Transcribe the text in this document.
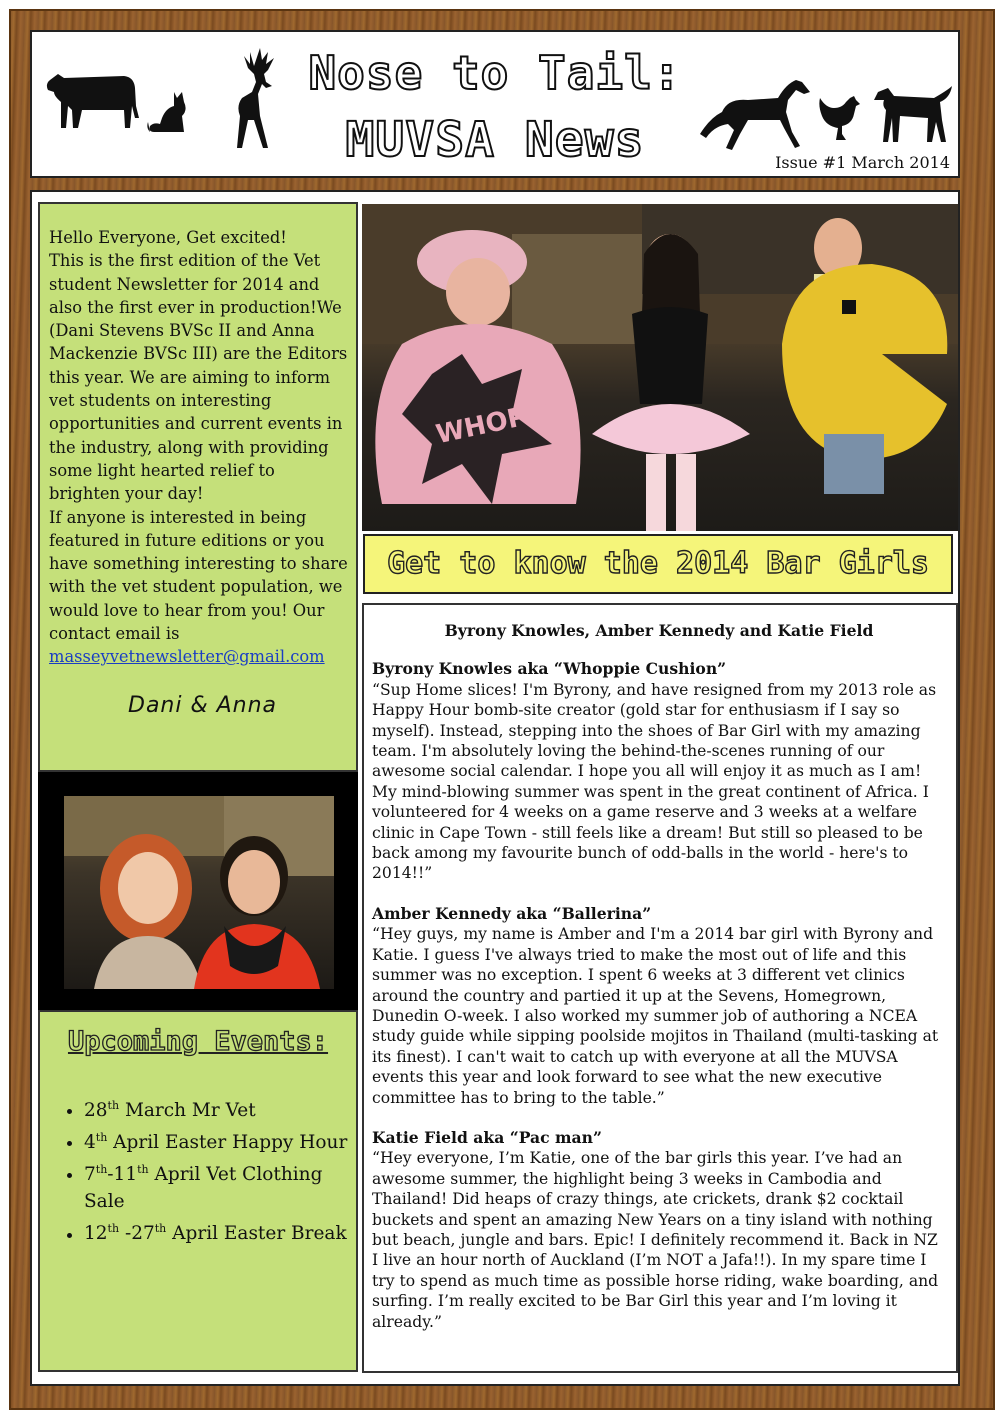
Nose to Tail:
MUVSA News	Issue #1 March 2014

Hello Everyone, Get excited!

This is the first edition of the Vet student Newsletter for 2014 and also the first ever in production!We (Dani Stevens BVSc II and Anna Mackenzie BVSc III) are the Editors this year. We are aiming to inform vet students on interesting opportunities and current events in the industry, along with providing some light hearted relief to brighten your day!

If anyone is interested in being featured in future editions or you have something interesting to share with the vet student population, we would love to hear from you! Our contact email is masseyvetnewsletter@gmail.com

Dani & Anna
Upcoming Events:
• 28th March Mr Vet
• 4th April Easter Happy Hour
• 7th-11th April Vet Clothing Sale
• 12th -27th April Easter Break
WHOPPIE
Get to know the 2014 Bar Girls
Byrony Knowles, Amber Kennedy and Katie Field
Byrony Knowles aka “Whoppie Cushion”

“Sup Home slices! I'm Byrony, and have resigned from my 2013 role as Happy Hour bomb-site creator (gold star for enthusiasm if I say so myself). Instead, stepping into the shoes of Bar Girl with my amazing team. I'm absolutely loving the behind-the-scenes running of our awesome social calendar. I hope you all will enjoy it as much as I am! My mind-blowing summer was spent in the great continent of Africa. I volunteered for 4 weeks on a game reserve and 3 weeks at a welfare clinic in Cape Town - still feels like a dream! But still so pleased to be back among my favourite bunch of odd-balls in the world - here's to 2014!!”

Amber Kennedy aka “Ballerina”

“Hey guys, my name is Amber and I'm a 2014 bar girl with Byrony and Katie. I guess I've always tried to make the most out of life and this summer was no exception. I spent 6 weeks at 3 different vet clinics around the country and partied it up at the Sevens, Homegrown, Dunedin O-week. I also worked my summer job of authoring a NCEA study guide while sipping poolside mojitos in Thailand (multi-tasking at its finest). I can't wait to catch up with everyone at all the MUVSA events this year and look forward to see what the new executive committee has to bring to the table.”

Katie Field aka “Pac man”

“Hey everyone, I’m Katie, one of the bar girls this year. I’ve had an awesome summer, the highlight being 3 weeks in Cambodia and Thailand! Did heaps of crazy things, ate crickets, drank $2 cocktail buckets and spent an amazing New Years on a tiny island with nothing but beach, jungle and bars. Epic! I definitely recommend it. Back in NZ I live an hour north of Auckland (I’m NOT a Jafa!!). In my spare time I try to spend as much time as possible horse riding, wake boarding, and surfing. I’m really excited to be Bar Girl this year and I’m loving it already.”
